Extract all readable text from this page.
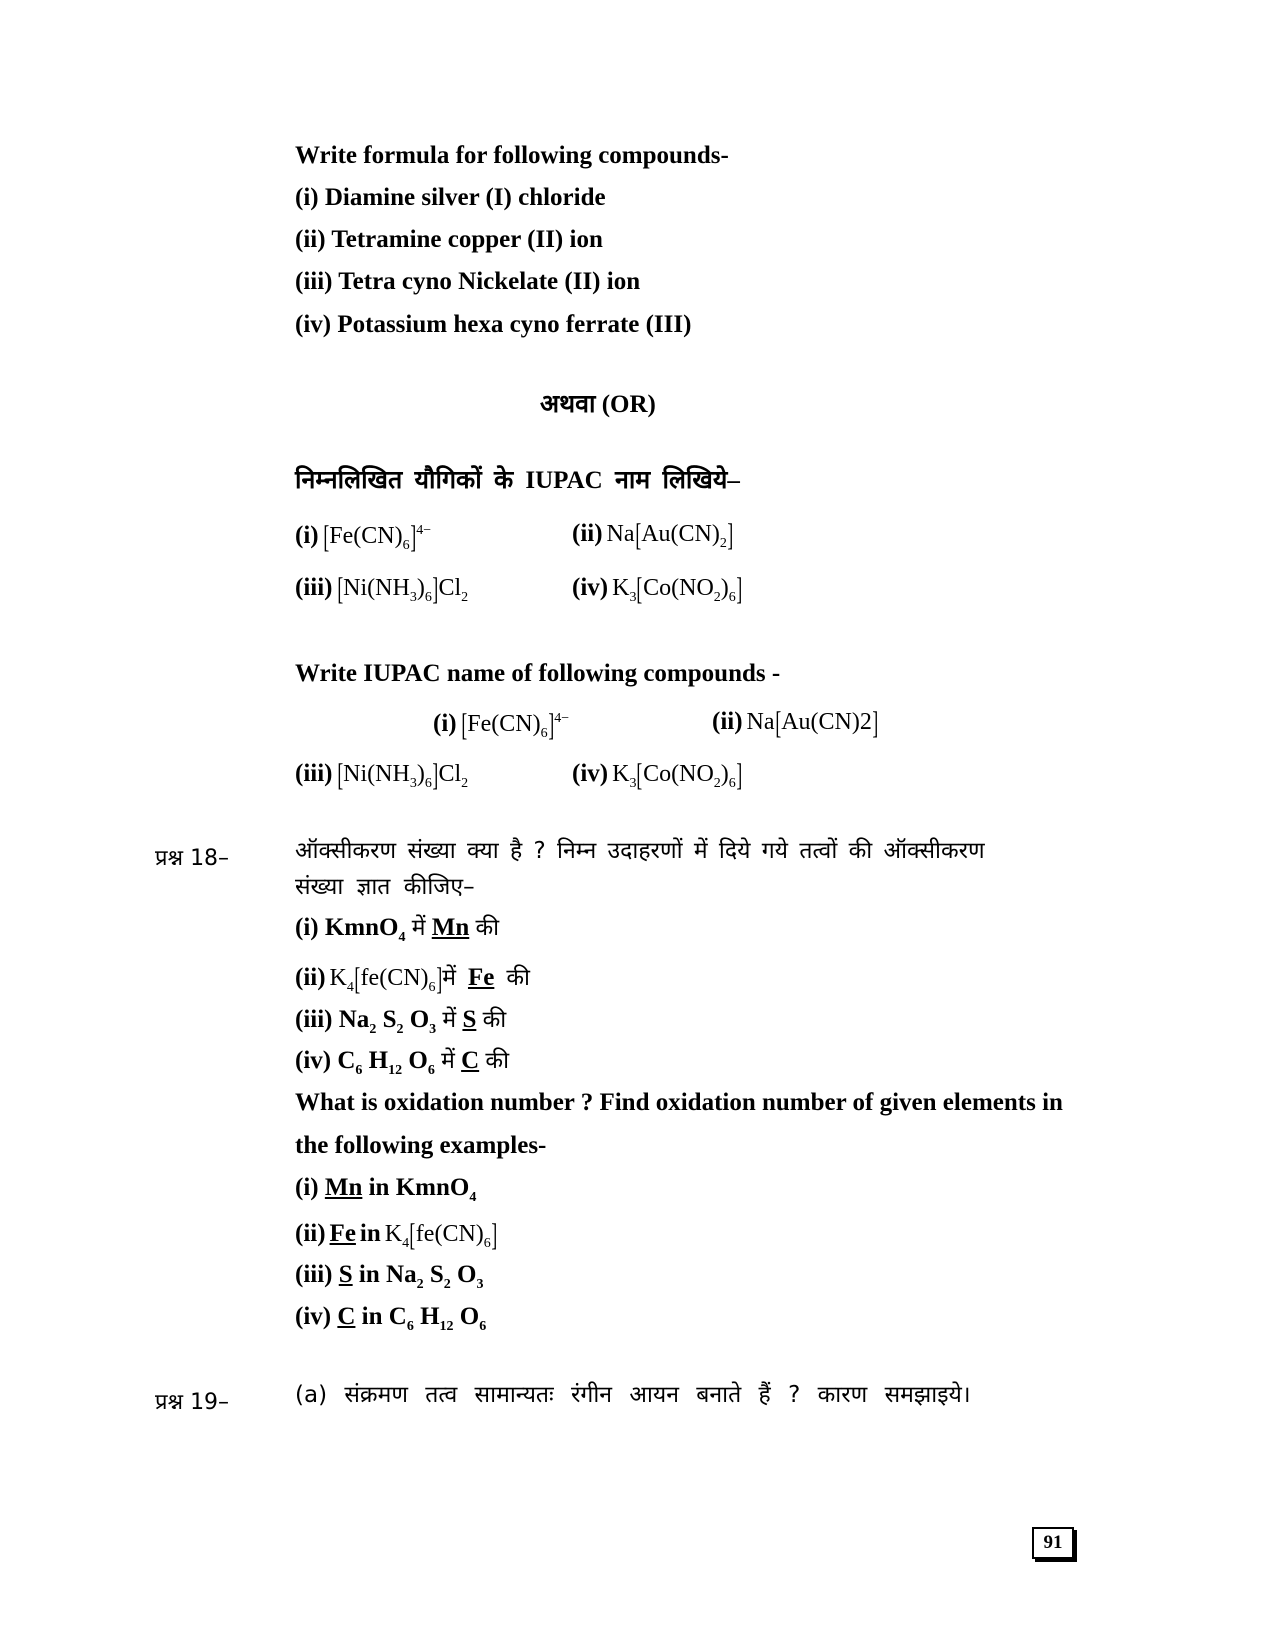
Write formula for following compounds-
(i) Diamine silver (I) chloride
(ii) Tetramine copper (II) ion
(iii) Tetra cyno Nickelate (II) ion
(iv) Potassium hexa cyno ferrate (III)
अथवा (OR)
निम्नलिखित यौगिकों के IUPAC नाम लिखिये–
(i) $[Fe(CN)_6]^{4-}$	(ii) $Na[Au(CN)_2]$
(iii) $[Ni(NH_3)_6]Cl_2$	(iv) $K_3[Co(NO_2)_6]$
Write IUPAC name of following compounds -
(i) $[Fe(CN)_6]^{4-}$	(ii) Na[Au(CN)2]
(iii) $[Ni(NH_3)_6]Cl_2$	(iv) $K_3[Co(NO_2)_6]$
प्रश्न 18–	ऑक्सीकरण संख्या क्या है ? निम्न उदाहरणों में दिये गये तत्वों की ऑक्सीकरण
संख्या ज्ञात कीजिए–
(i) KmnO$_4$ में Mn की
(ii) $K_4[fe(CN)_6]में$ Fe की
(iii) $Na_2$ $S_2$ $O_3$ में S की
(iv) $C_6$ $H_{12}$ $O_6$ में C की
What is oxidation number ? Find oxidation number of given elements in
the following examples-
(i) Mn in KmnO$_4$
(ii) Fe in $K_4[fe(CN)_6]$
(iii) S in $Na_2$ $S_2$ $O_3$
(iv) C in $C_6$ $H_{12}$ $O_6$
प्रश्न 19–	(a) संक्रमण तत्व सामान्यतः रंगीन आयन बनाते हैं ? कारण समझाइये।
91
